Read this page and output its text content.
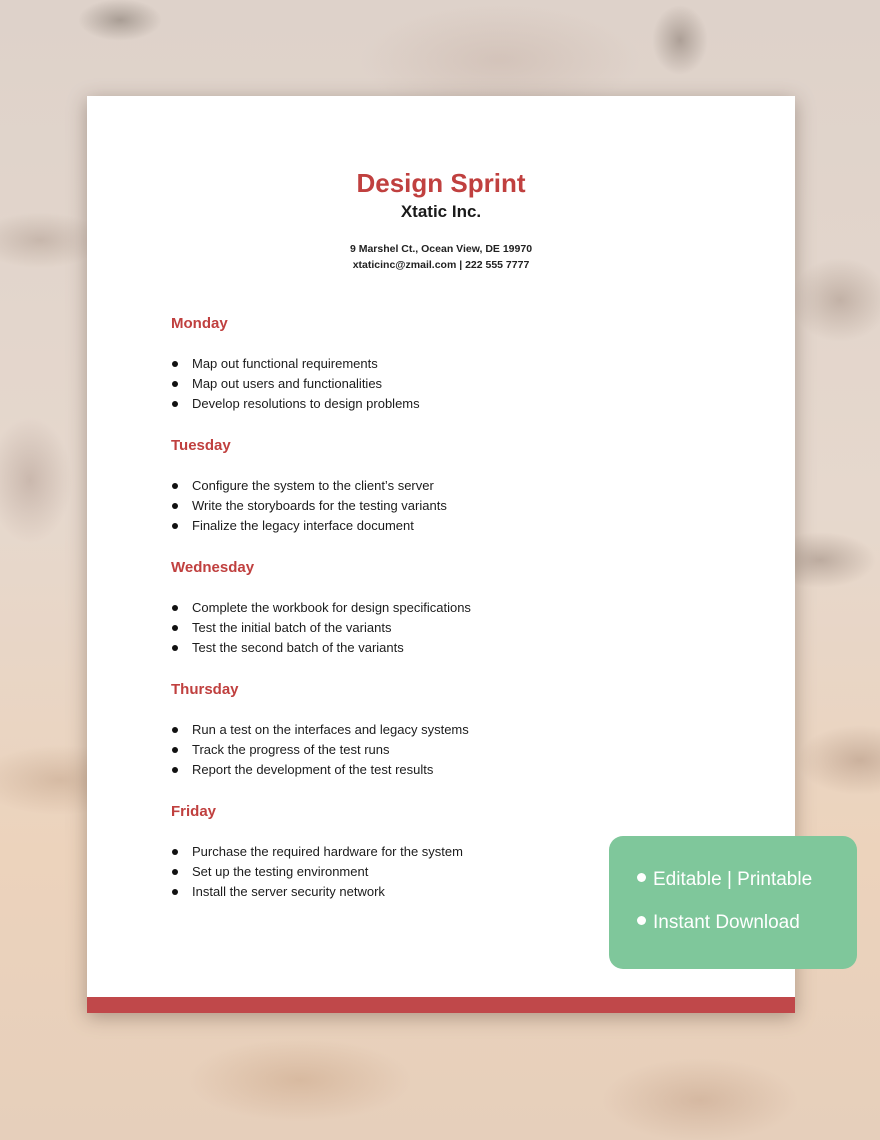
Design Sprint
Xtatic Inc.
9 Marshel Ct., Ocean View, DE 19970
xtaticinc@zmail.com | 222 555 7777
Monday
Map out functional requirements
Map out users and functionalities
Develop resolutions to design problems
Tuesday
Configure the system to the client’s server
Write the storyboards for the testing variants
Finalize the legacy interface document
Wednesday
Complete the workbook for design specifications
Test the initial batch of the variants
Test the second batch of the variants
Thursday
Run a test on the interfaces and legacy systems
Track the progress of the test runs
Report the development of the test results
Friday
Purchase the required hardware for the system
Set up the testing environment
Install the server security network
Editable | Printable
Instant Download
